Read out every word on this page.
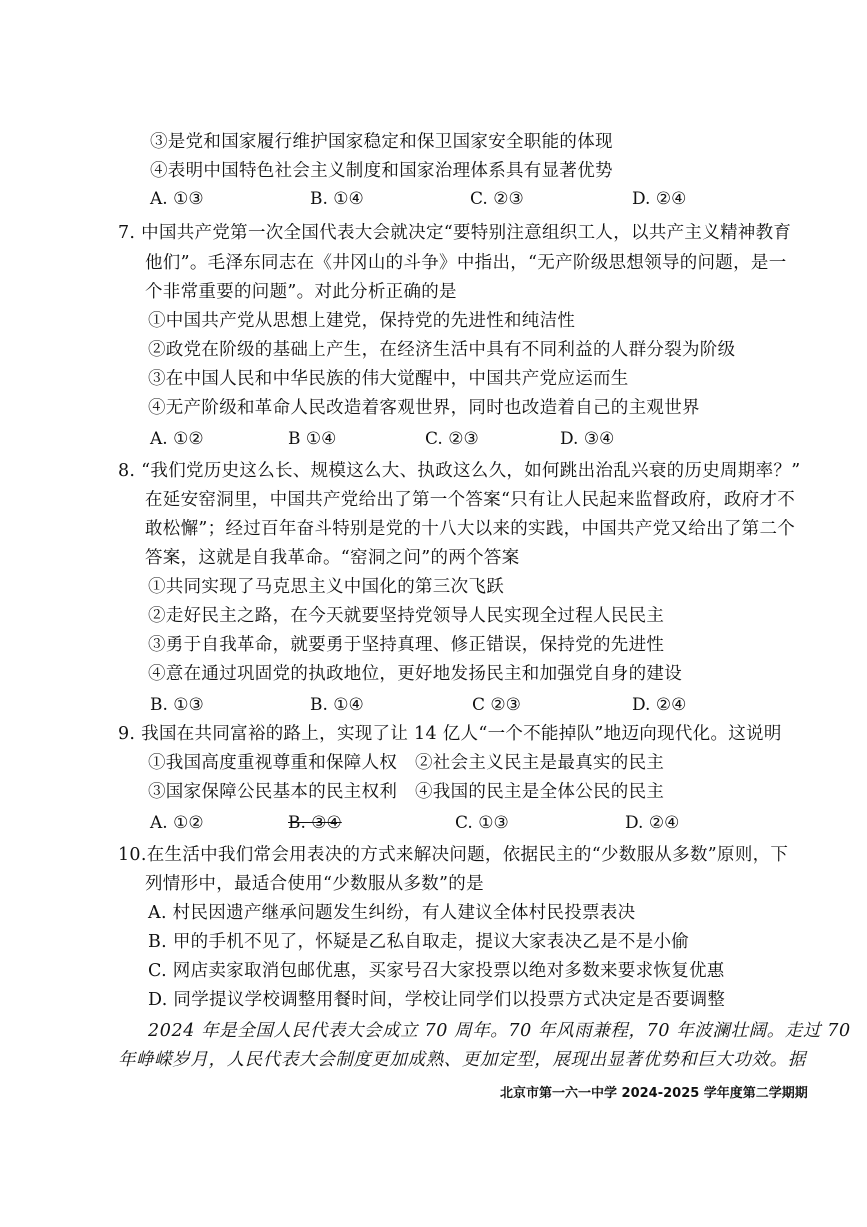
③是党和国家履行维护国家稳定和保卫国家安全职能的体现
④表明中国特色社会主义制度和国家治理体系具有显著优势
A. ①③	B. ①④	C. ②③	D. ②④
7. 中国共产党第一次全国代表大会就决定“要特别注意组织工人，以共产主义精神教育
他们”。毛泽东同志在《井冈山的斗争》中指出，“无产阶级思想领导的问题，是一
个非常重要的问题”。对此分析正确的是
①中国共产党从思想上建党，保持党的先进性和纯洁性
②政党在阶级的基础上产生，在经济生活中具有不同利益的人群分裂为阶级
③在中国人民和中华民族的伟大觉醒中，中国共产党应运而生
④无产阶级和革命人民改造着客观世界，同时也改造着自己的主观世界
A. ①②	B ①④	C. ②③	D. ③④
8. “我们党历史这么长、规模这么大、执政这么久，如何跳出治乱兴衰的历史周期率？”
在延安窑洞里，中国共产党给出了第一个答案“只有让人民起来监督政府，政府才不
敢松懈”；经过百年奋斗特别是党的十八大以来的实践，中国共产党又给出了第二个
答案，这就是自我革命。“窑洞之问”的两个答案
①共同实现了马克思主义中国化的第三次飞跃
②走好民主之路，在今天就要坚持党领导人民实现全过程人民民主
③勇于自我革命，就要勇于坚持真理、修正错误，保持党的先进性
④意在通过巩固党的执政地位，更好地发扬民主和加强党自身的建设
B. ①③	B. ①④	C ②③	D. ②④
9. 我国在共同富裕的路上，实现了让 14 亿人“一个不能掉队”地迈向现代化。这说明
①我国高度重视尊重和保障人权 ②社会主义民主是最真实的民主
③国家保障公民基本的民主权利 ④我国的民主是全体公民的民主
A. ①②	B. ③④	C. ①③	D. ②④
10.在生活中我们常会用表决的方式来解决问题，依据民主的“少数服从多数”原则，下
列情形中，最适合使用“少数服从多数”的是
A. 村民因遗产继承问题发生纠纷，有人建议全体村民投票表决
B. 甲的手机不见了，怀疑是乙私自取走，提议大家表决乙是不是小偷
C. 网店卖家取消包邮优惠，买家号召大家投票以绝对多数来要求恢复优惠
D. 同学提议学校调整用餐时间，学校让同学们以投票方式决定是否要调整
2024 年是全国人民代表大会成立 70 周年。70 年风雨兼程，70 年波澜壮阔。走过 70
年峥嵘岁月，人民代表大会制度更加成熟、更加定型，展现出显著优势和巨大功效。据
北京市第一六一中学 2024-2025 学年度第二学期期
